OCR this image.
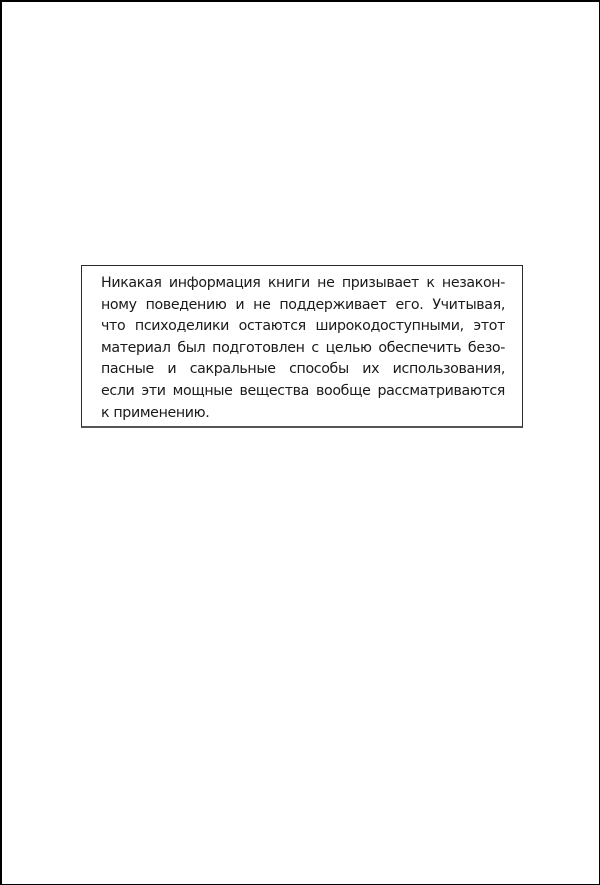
Никакая информация книги не призывает к незакон-
ному поведению и не поддерживает его. Учитывая,
что психоделики остаются широкодоступными, этот
материал был подготовлен с целью обеспечить безо-
пасные и сакральные способы их использования,
если эти мощные вещества вообще рассматриваются
к применению.
